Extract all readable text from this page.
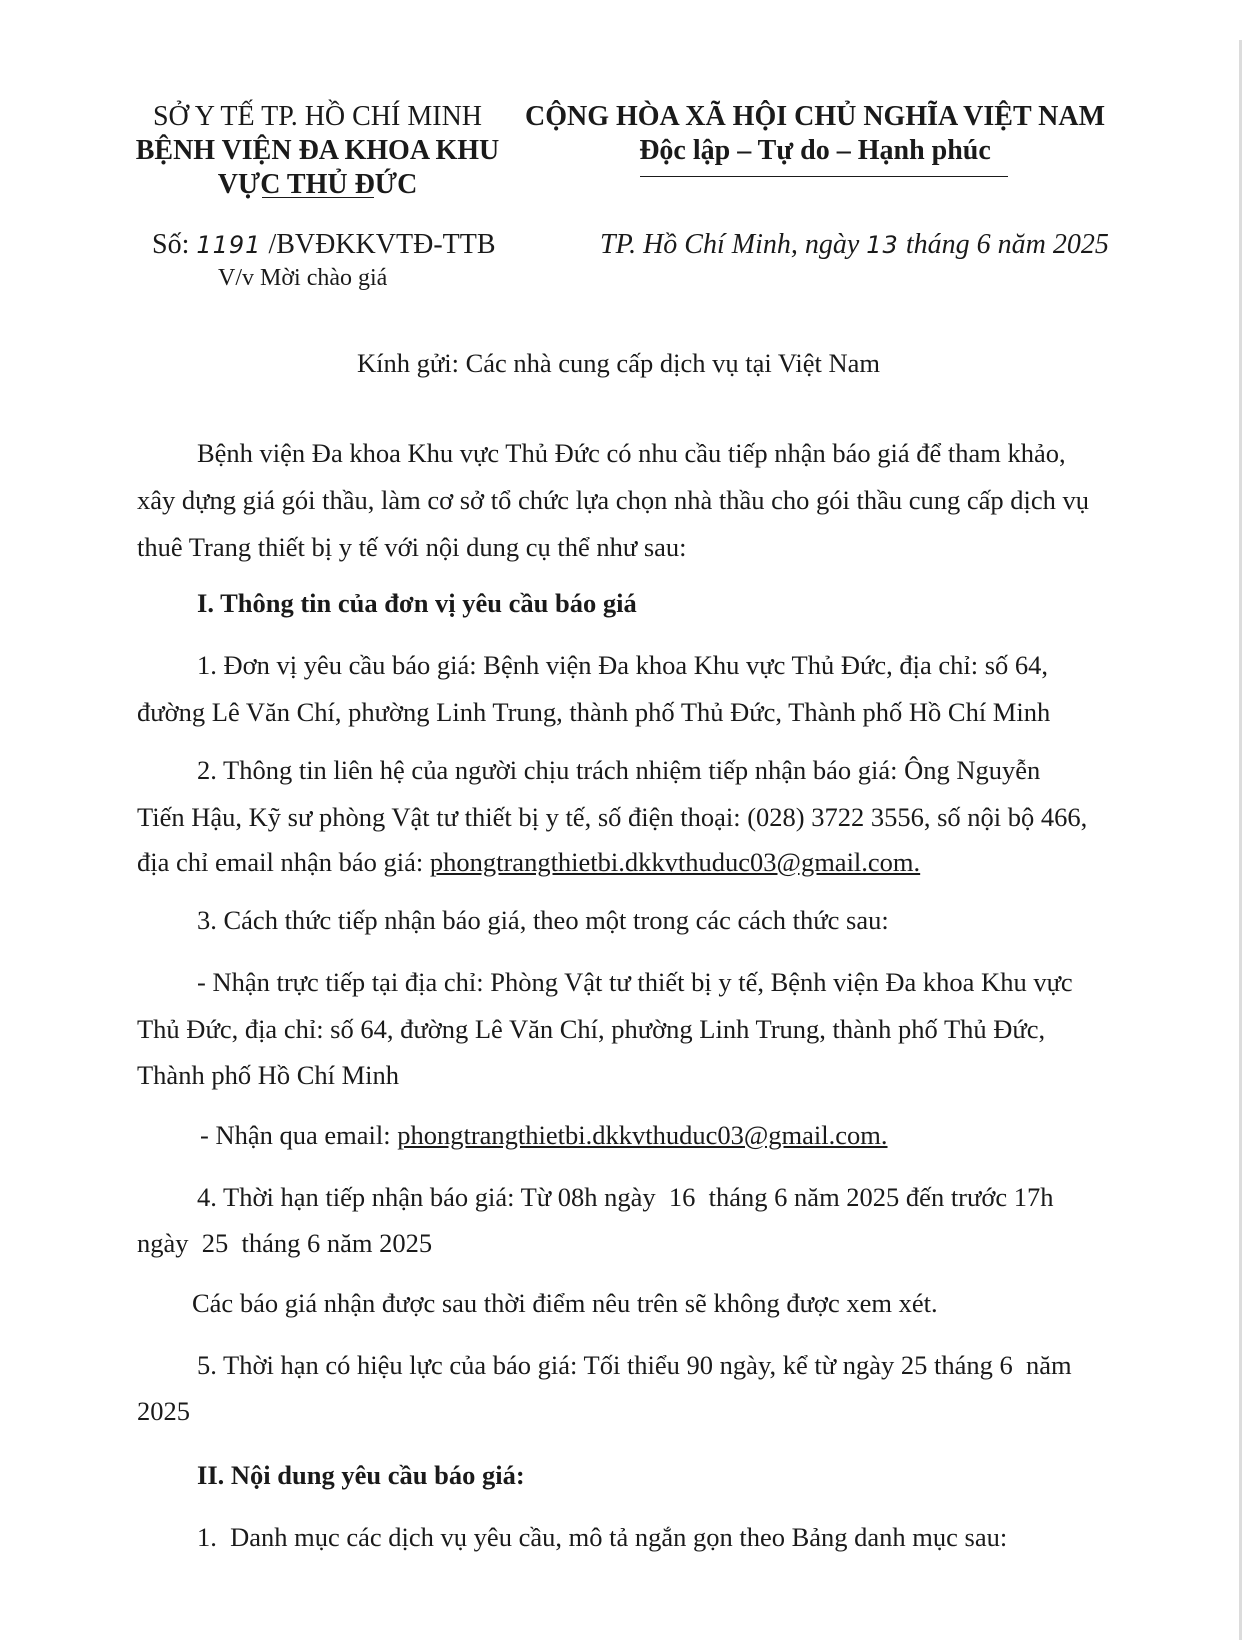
SỞ Y TẾ TP. HỒ CHÍ MINH
BỆNH VIỆN ĐA KHOA KHU
VỰC THỦ ĐỨC
CỘNG HÒA XÃ HỘI CHỦ NGHĨA VIỆT NAM
Độc lập – Tự do – Hạnh phúc
Số: 1191 /BVĐKKVTĐ-TTB
V/v Mời chào giá
TP. Hồ Chí Minh, ngày 13 tháng 6 năm 2025
Kính gửi: Các nhà cung cấp dịch vụ tại Việt Nam
Bệnh viện Đa khoa Khu vực Thủ Đức có nhu cầu tiếp nhận báo giá để tham khảo,
xây dựng giá gói thầu, làm cơ sở tổ chức lựa chọn nhà thầu cho gói thầu cung cấp dịch vụ
thuê Trang thiết bị y tế với nội dung cụ thể như sau:
I. Thông tin của đơn vị yêu cầu báo giá
1. Đơn vị yêu cầu báo giá: Bệnh viện Đa khoa Khu vực Thủ Đức, địa chỉ: số 64,
đường Lê Văn Chí, phường Linh Trung, thành phố Thủ Đức, Thành phố Hồ Chí Minh
2. Thông tin liên hệ của người chịu trách nhiệm tiếp nhận báo giá: Ông Nguyễn
Tiến Hậu, Kỹ sư phòng Vật tư thiết bị y tế, số điện thoại: (028) 3722 3556, số nội bộ 466,
địa chỉ email nhận báo giá: phongtrangthietbi.dkkvthuduc03@gmail.com.
3. Cách thức tiếp nhận báo giá, theo một trong các cách thức sau:
- Nhận trực tiếp tại địa chỉ: Phòng Vật tư thiết bị y tế, Bệnh viện Đa khoa Khu vực
Thủ Đức, địa chỉ: số 64, đường Lê Văn Chí, phường Linh Trung, thành phố Thủ Đức,
Thành phố Hồ Chí Minh
- Nhận qua email: phongtrangthietbi.dkkvthuduc03@gmail.com.
4. Thời hạn tiếp nhận báo giá: Từ 08h ngày  16  tháng 6 năm 2025 đến trước 17h
ngày  25  tháng 6 năm 2025
Các báo giá nhận được sau thời điểm nêu trên sẽ không được xem xét.
5. Thời hạn có hiệu lực của báo giá: Tối thiểu 90 ngày, kể từ ngày 25 tháng 6  năm
2025
II. Nội dung yêu cầu báo giá:
1.  Danh mục các dịch vụ yêu cầu, mô tả ngắn gọn theo Bảng danh mục sau:
